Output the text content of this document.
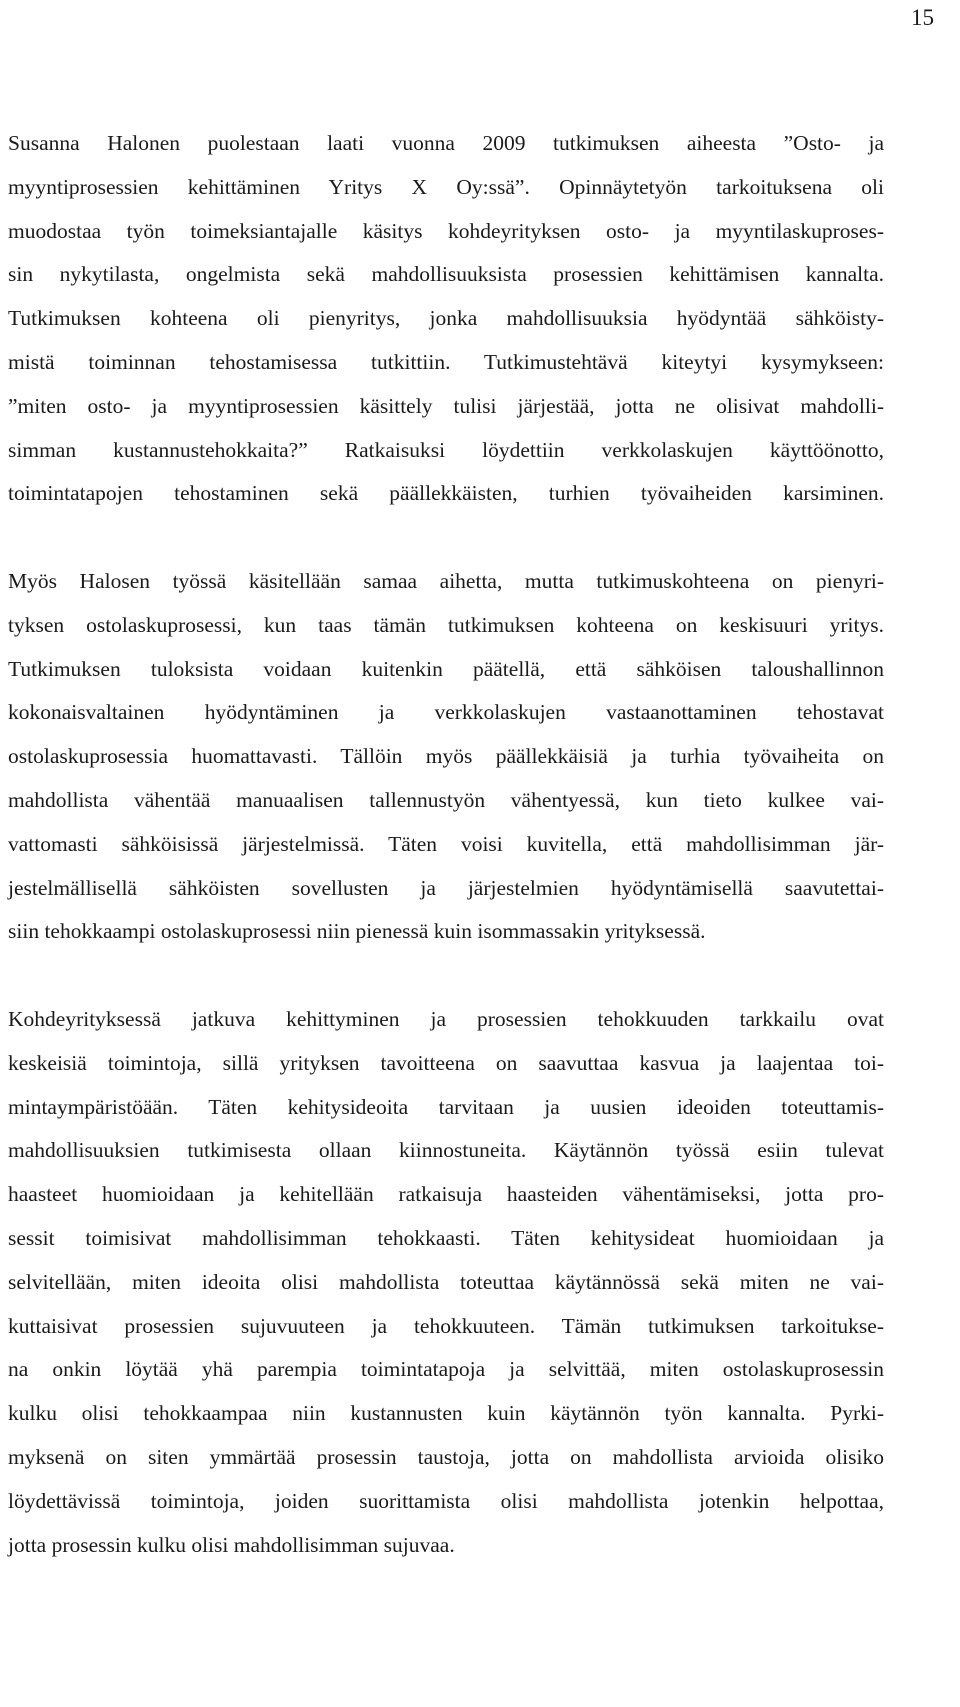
15
Susanna Halonen puolestaan laati vuonna 2009 tutkimuksen aiheesta ”Osto- ja
myyntiprosessien kehittäminen Yritys X Oy:ssä”. Opinnäytetyön tarkoituksena oli
muodostaa työn toimeksiantajalle käsitys kohdeyrityksen osto- ja myyntilaskuproses-
sin nykytilasta, ongelmista sekä mahdollisuuksista prosessien kehittämisen kannalta.
Tutkimuksen kohteena oli pienyritys, jonka mahdollisuuksia hyödyntää sähköisty-
mistä toiminnan tehostamisessa tutkittiin. Tutkimustehtävä kiteytyi kysymykseen:
”miten osto- ja myyntiprosessien käsittely tulisi järjestää, jotta ne olisivat mahdolli-
simman kustannustehokkaita?” Ratkaisuksi löydettiin verkkolaskujen käyttöönotto,
toimintatapojen tehostaminen sekä päällekkäisten, turhien työvaiheiden karsiminen.
Myös Halosen työssä käsitellään samaa aihetta, mutta tutkimuskohteena on pienyri-
tyksen ostolaskuprosessi, kun taas tämän tutkimuksen kohteena on keskisuuri yritys.
Tutkimuksen tuloksista voidaan kuitenkin päätellä, että sähköisen taloushallinnon
kokonaisvaltainen hyödyntäminen ja verkkolaskujen vastaanottaminen tehostavat
ostolaskuprosessia huomattavasti. Tällöin myös päällekkäisiä ja turhia työvaiheita on
mahdollista vähentää manuaalisen tallennustyön vähentyessä, kun tieto kulkee vai-
vattomasti sähköisissä järjestelmissä. Täten voisi kuvitella, että mahdollisimman jär-
jestelmällisellä sähköisten sovellusten ja järjestelmien hyödyntämisellä saavutettai-
siin tehokkaampi ostolaskuprosessi niin pienessä kuin isommassakin yrityksessä.
Kohdeyrityksessä jatkuva kehittyminen ja prosessien tehokkuuden tarkkailu ovat
keskeisiä toimintoja, sillä yrityksen tavoitteena on saavuttaa kasvua ja laajentaa toi-
mintaympäristöään. Täten kehitysideoita tarvitaan ja uusien ideoiden toteuttamis-
mahdollisuuksien tutkimisesta ollaan kiinnostuneita. Käytännön työssä esiin tulevat
haasteet huomioidaan ja kehitellään ratkaisuja haasteiden vähentämiseksi, jotta pro-
sessit toimisivat mahdollisimman tehokkaasti. Täten kehitysideat huomioidaan ja
selvitellään, miten ideoita olisi mahdollista toteuttaa käytännössä sekä miten ne vai-
kuttaisivat prosessien sujuvuuteen ja tehokkuuteen. Tämän tutkimuksen tarkoitukse-
na onkin löytää yhä parempia toimintatapoja ja selvittää, miten ostolaskuprosessin
kulku olisi tehokkaampaa niin kustannusten kuin käytännön työn kannalta. Pyrki-
myksenä on siten ymmärtää prosessin taustoja, jotta on mahdollista arvioida olisiko
löydettävissä toimintoja, joiden suorittamista olisi mahdollista jotenkin helpottaa,
jotta prosessin kulku olisi mahdollisimman sujuvaa.
